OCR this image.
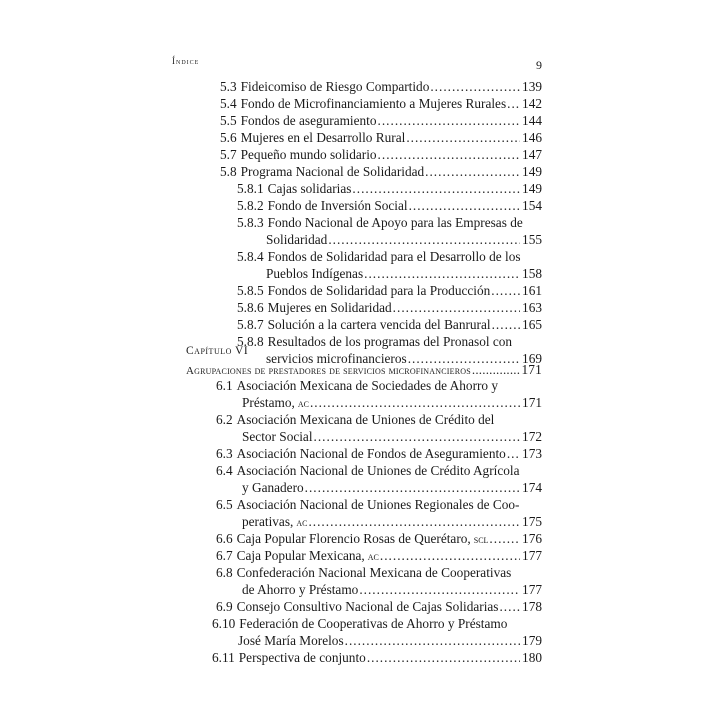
Índice	9
5.3 Fideicomiso de Riesgo Compartido .....	139
5.4 Fondo de Microfinanciamiento a Mujeres Rurales ..... 142
5.5 Fondos de aseguramiento .....	144
5.6 Mujeres en el Desarrollo Rural .....	146
5.7 Pequeño mundo solidario .....	147
5.8 Programa Nacional de Solidaridad .....	149
5.8.1 Cajas solidarias .....	149
5.8.2 Fondo de Inversión Social .....	154
5.8.3 Fondo Nacional de Apoyo para las Empresas de
Solidaridad .....	155
5.8.4 Fondos de Solidaridad para el Desarrollo de los
Pueblos Indígenas .....	158
5.8.5 Fondos de Solidaridad para la Producción ..... 161
5.8.6 Mujeres en Solidaridad .....	163
5.8.7 Solución a la cartera vencida del Banrural ..... 165
5.8.8 Resultados de los programas del Pronasol con
servicios microfinancieros .....	169
Capítulo VI
Agrupaciones de prestadores de servicios microfinancieros .....	171
6.1 Asociación Mexicana de Sociedades de Ahorro y
Préstamo, ac .....	171
6.2 Asociación Mexicana de Uniones de Crédito del
Sector Social .....	172
6.3 Asociación Nacional de Fondos de Aseguramiento ..... 173
6.4 Asociación Nacional de Uniones de Crédito Agrícola
y Ganadero .....	174
6.5 Asociación Nacional de Uniones Regionales de Coo-
perativas, ac .....	175
6.6 Caja Popular Florencio Rosas de Querétaro, scl .....	176
6.7 Caja Popular Mexicana, ac .....	177
6.8 Confederación Nacional Mexicana de Cooperativas
de Ahorro y Préstamo .....	177
6.9 Consejo Consultivo Nacional de Cajas Solidarias ..... 178
6.10 Federación de Cooperativas de Ahorro y Préstamo
José María Morelos .....	179
6.11 Perspectiva de conjunto .....	180
